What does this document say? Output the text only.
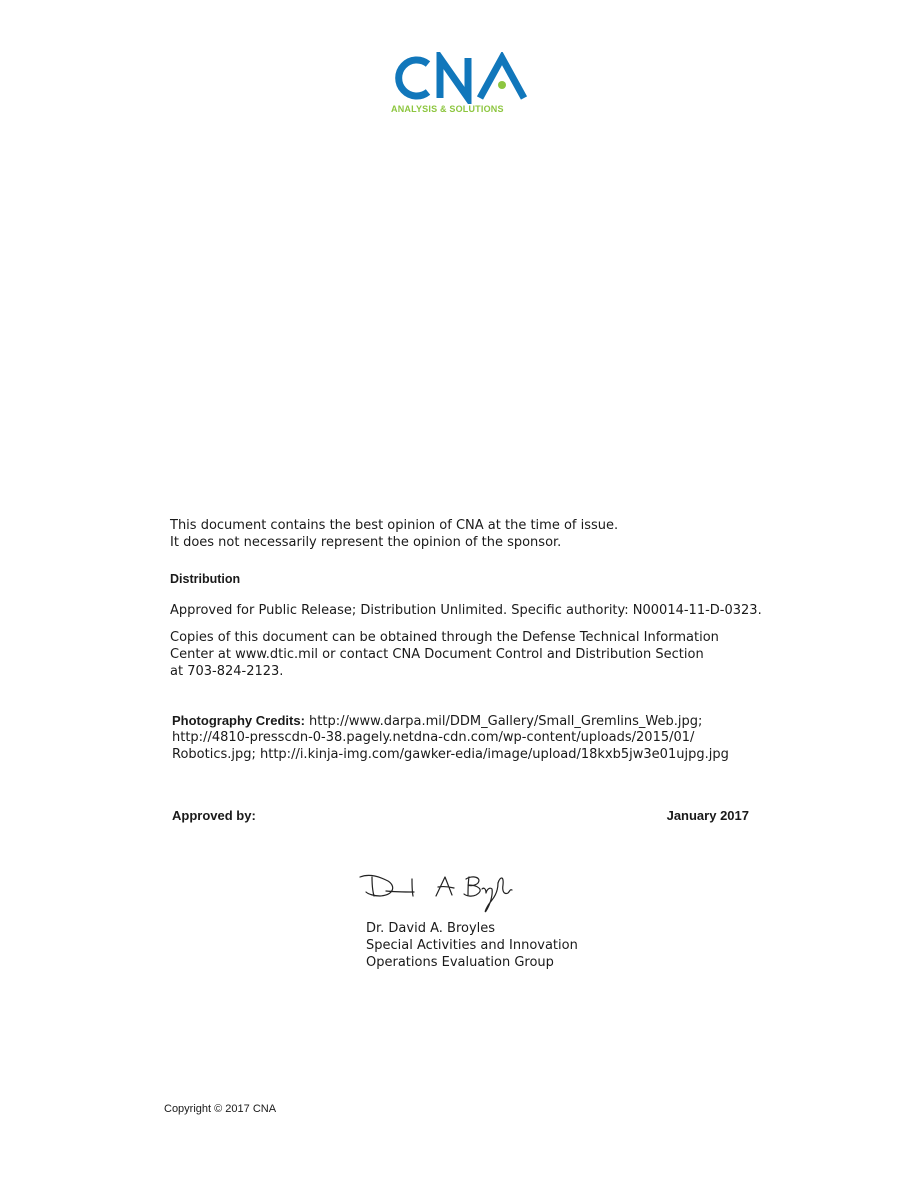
ANALYSIS & SOLUTIONS

This document contains the best opinion of CNA at the time of issue.

It does not necessarily represent the opinion of the sponsor.

Distribution

Approved for Public Release; Distribution Unlimited. Specific authority: N00014-11-D-0323.

Copies of this document can be obtained through the Defense Technical Information

Center at www.dtic.mil or contact CNA Document Control and Distribution Section

at 703-824-2123.

Photography Credits: http://www.darpa.mil/DDM_Gallery/Small_Gremlins_Web.jpg;

http://4810-presscdn-0-38.pagely.netdna-cdn.com/wp-content/uploads/2015/01/

Robotics.jpg; http://i.kinja-img.com/gawker-edia/image/upload/18kxb5jw3e01ujpg.jpg

Approved by:	January 2017
Dr. David A. Broyles
Special Activities and Innovation
Operations Evaluation Group
Copyright © 2017 CNA
